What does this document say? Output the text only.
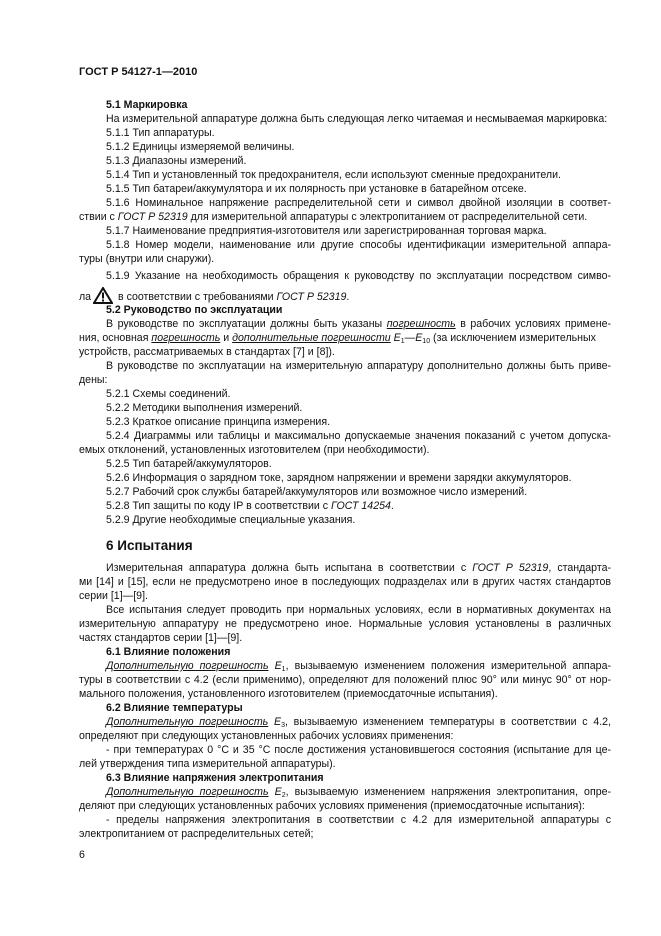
ГОСТ Р 54127-1—2010
5.1 Маркировка
На измерительной аппаратуре должна быть следующая легко читаемая и несмываемая маркировка:
5.1.1 Тип аппаратуры.
5.1.2 Единицы измеряемой величины.
5.1.3 Диапазоны измерений.
5.1.4 Тип и установленный ток предохранителя, если используют сменные предохранители.
5.1.5 Тип батареи/аккумулятора и их полярность при установке в батарейном отсеке.
5.1.6 Номинальное напряжение распределительной сети и символ двойной изоляции в соответ-
ствии с ГОСТ Р 52319 для измерительной аппаратуры с электропитанием от распределительной сети.
5.1.7 Наименование предприятия-изготовителя или зарегистрированная торговая марка.
5.1.8 Номер модели, наименование или другие способы идентификации измерительной аппара-
туры (внутри или снаружи).
5.1.9 Указание на необходимость обращения к руководству по эксплуатации посредством симво-
ла в соответствии с требованиями ГОСТ Р 52319.
5.2 Руководство по эксплуатации
В руководстве по эксплуатации должны быть указаны погрешность в рабочих условиях примене-
ния, основная погрешность и дополнительные погрешности $E_1—E_{10}$ (за исключением измерительных
устройств, рассматриваемых в стандартах [7] и [8]).
В руководстве по эксплуатации на измерительную аппаратуру дополнительно должны быть приве-
дены:
5.2.1 Схемы соединений.
5.2.2 Методики выполнения измерений.
5.2.3 Краткое описание принципа измерения.
5.2.4 Диаграммы или таблицы и максимально допускаемые значения показаний с учетом допуска-
емых отклонений, установленных изготовителем (при необходимости).
5.2.5 Тип батарей/аккумуляторов.
5.2.6 Информация о зарядном токе, зарядном напряжении и времени зарядки аккумуляторов.
5.2.7 Рабочий срок службы батарей/аккумуляторов или возможное число измерений.
5.2.8 Тип защиты по коду IP в соответствии с ГОСТ 14254.
5.2.9 Другие необходимые специальные указания.
6 Испытания
Измерительная аппаратура должна быть испытана в соответствии с ГОСТ Р 52319, стандарта-
ми [14] и [15], если не предусмотрено иное в последующих подразделах или в других частях стандартов
серии [1]—[9].
Все испытания следует проводить при нормальных условиях, если в нормативных документах на
измерительную аппаратуру не предусмотрено иное. Нормальные условия установлены в различных
частях стандартов серии [1]—[9].
6.1 Влияние положения
Дополнительную погрешность $E_1$, вызываемую изменением положения измерительной аппара-
туры в соответствии с 4.2 (если применимо), определяют для положений плюс 90° или минус 90° от нор-
мального положения, установленного изготовителем (приемосдаточные испытания).
6.2 Влияние температуры
Дополнительную погрешность $E_3$, вызываемую изменением температуры в соответствии с 4.2,
определяют при следующих установленных рабочих условиях применения:
- при температурах 0 °С и 35 °С после достижения установившегося состояния (испытание для це-
лей утверждения типа измерительной аппаратуры).
6.3 Влияние напряжения электропитания
Дополнительную погрешность $E_2$, вызываемую изменением напряжения электропитания, опре-
деляют при следующих установленных рабочих условиях применения (приемосдаточные испытания):
- пределы напряжения электропитания в соответствии с 4.2 для измерительной аппаратуры с
электропитанием от распределительных сетей;
6
